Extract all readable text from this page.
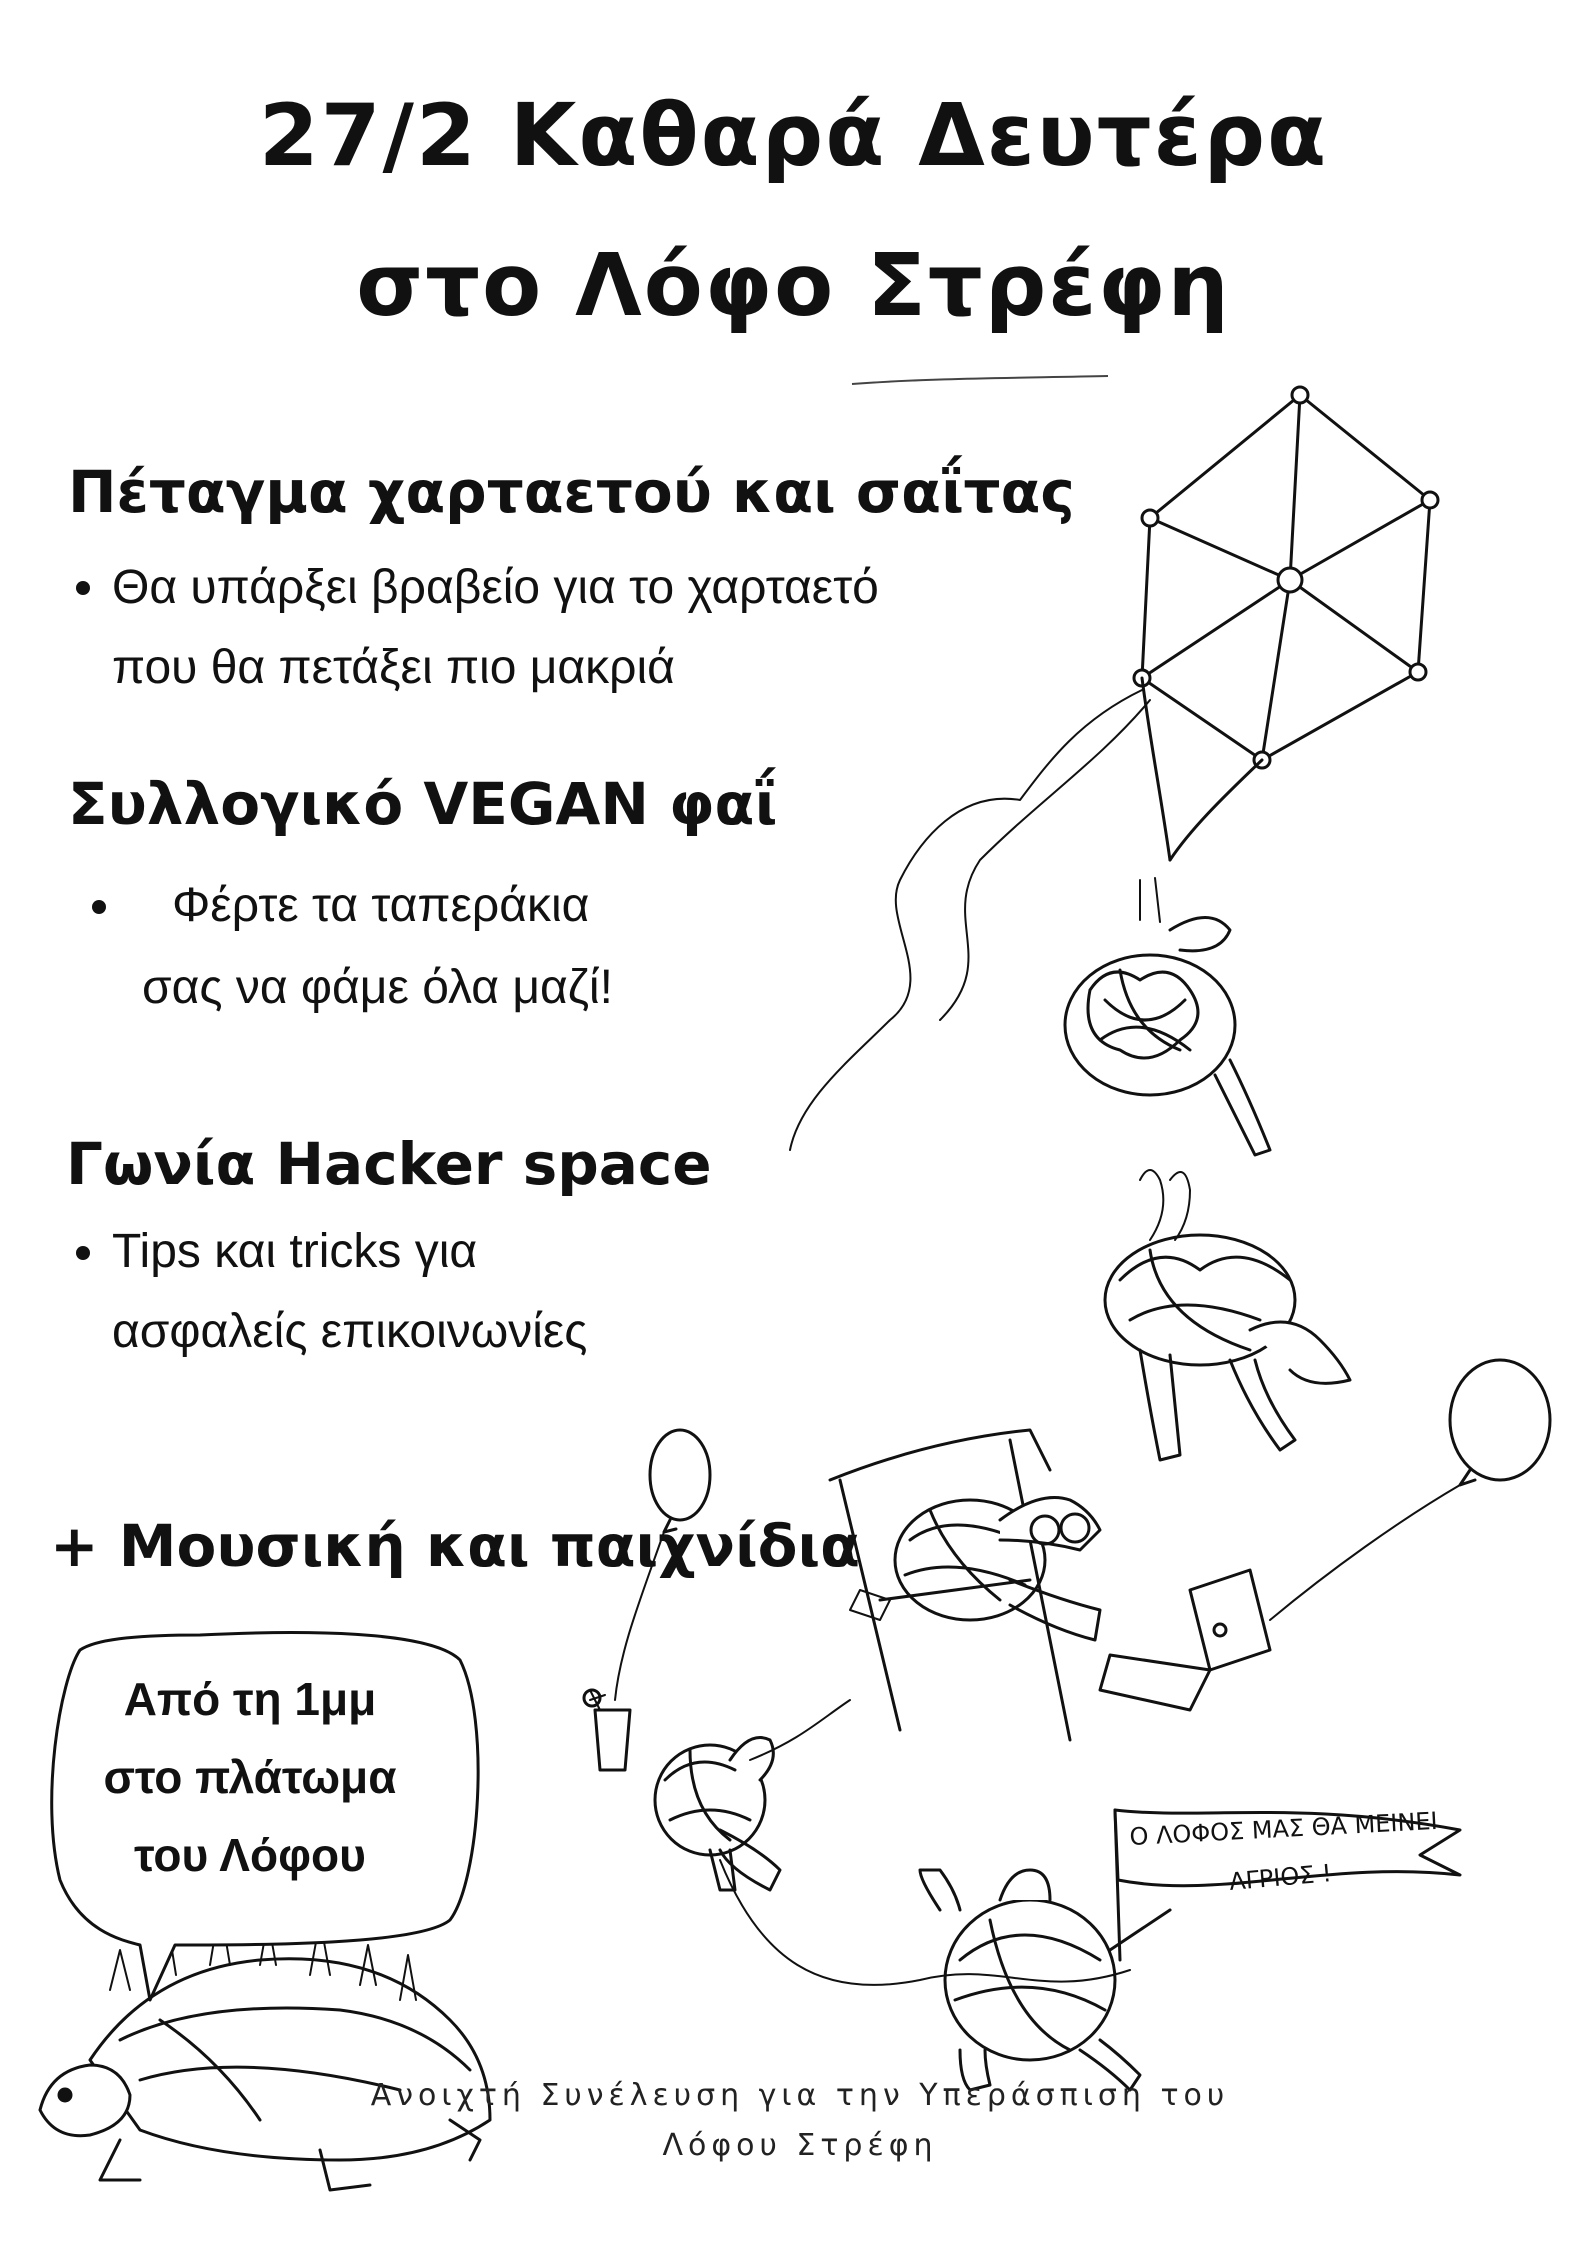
27/2 Καθαρά Δευτέρα
στο Λόφο Στρέφη
Πέταγμα χαρταετού και σαΐτας

Θα υπάρξει βραβείο για το χαρταετό

που θα πετάξει πιο μακριά

Συλλογικό VEGAN φαΐ

Φέρτε τα ταπεράκια

σας να φάμε όλα μαζί!

Γωνία Hacker space

Tips και tricks για

ασφαλείς επικοινωνίες

+ Μουσική και παιχνίδια
Ο ΛΟΦΟΣ ΜΑΣ ΘΑ ΜΕΙΝΕΙ
ΑΓΡΙΟΣ !
Από τη 1μμ
στο πλάτωμα
του Λόφου
Ανοιχτή Συνέλευση για την Υπεράσπιση του
Λόφου Στρέφη
